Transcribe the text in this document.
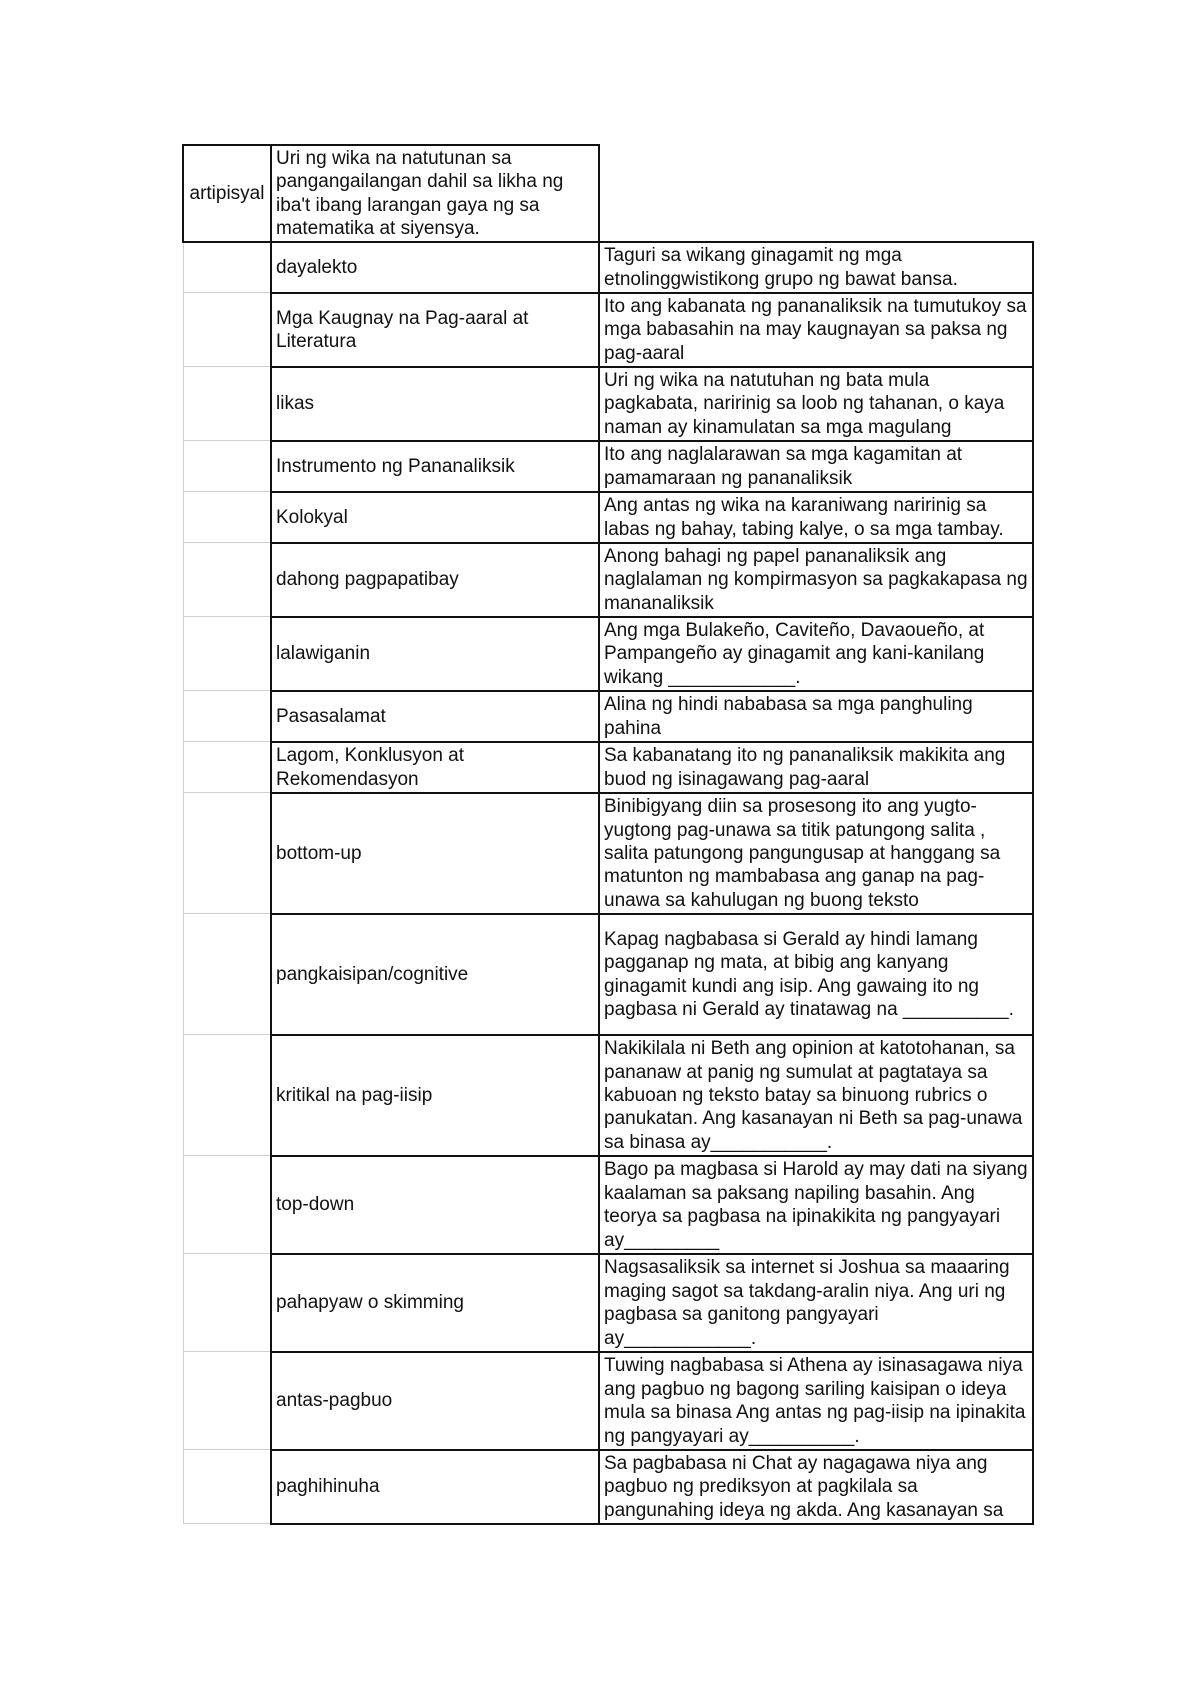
artipisyal	Uri ng wika na natutunan sa pangangailangan dahil sa likha ng iba't ibang larangan gaya ng sa matematika at siyensya.	
	dayalekto	Taguri sa wikang ginagamit ng mga etnolinggwistikong grupo ng bawat bansa.
	Mga Kaugnay na Pag-aaral at Literatura	Ito ang kabanata ng pananaliksik na tumutukoy sa mga babasahin na may kaugnayan sa paksa ng pag-aaral
	likas	Uri ng wika na natutuhan ng bata mula pagkabata, naririnig sa loob ng tahanan, o kaya naman ay kinamulatan sa mga magulang
	Instrumento ng Pananaliksik	Ito ang naglalarawan sa mga kagamitan at pamamaraan ng pananaliksik
	Kolokyal	Ang antas ng wika na karaniwang naririnig sa labas ng bahay, tabing kalye, o sa mga tambay.
	dahong pagpapatibay	Anong bahagi ng papel pananaliksik ang naglalaman ng kompirmasyon sa pagkakapasa ng mananaliksik
	lalawiganin	Ang mga Bulakeño, Caviteño, Davaoueño, at Pampangeño ay ginagamit ang kani-kanilang wikang ____________.
	Pasasalamat	Alina ng hindi nababasa sa mga panghuling pahina
	Lagom, Konklusyon at Rekomendasyon	Sa kabanatang ito ng pananaliksik makikita ang buod ng isinagawang pag-aaral
	bottom-up	Binibigyang diin sa prosesong ito ang yugto-yugtong pag-unawa sa titik patungong salita , salita patungong pangungusap at hanggang sa matunton ng mambabasa ang ganap na pag-unawa sa kahulugan ng buong teksto
	pangkaisipan/cognitive	Kapag nagbabasa si Gerald ay hindi lamang pagganap ng mata, at bibig ang kanyang ginagamit kundi ang isip. Ang gawaing ito ng pagbasa ni Gerald ay tinatawag na __________.
	kritikal na pag-iisip	Nakikilala ni Beth ang opinion at katotohanan, sa pananaw at panig ng sumulat at pagtataya sa kabuoan ng teksto batay sa binuong rubrics o panukatan. Ang kasanayan ni Beth sa pag-unawa sa binasa ay___________.
	top-down	Bago pa magbasa si Harold ay may dati na siyang kaalaman sa paksang napiling basahin. Ang teorya sa pagbasa na ipinakikita ng pangyayari ay_________
	pahapyaw o skimming	Nagsasaliksik sa internet si Joshua sa maaaring maging sagot sa takdang-aralin niya. Ang uri ng pagbasa sa ganitong pangyayari ay____________.
	antas-pagbuo	Tuwing nagbabasa si Athena ay isinasagawa niya ang pagbuo ng bagong sariling kaisipan o ideya mula sa binasa Ang antas ng pag-iisip na ipinakita ng pangyayari ay__________.
	paghihinuha	Sa pagbabasa ni Chat ay nagagawa niya ang pagbuo ng prediksyon at pagkilala sa pangunahing ideya ng akda. Ang kasanayan sa
